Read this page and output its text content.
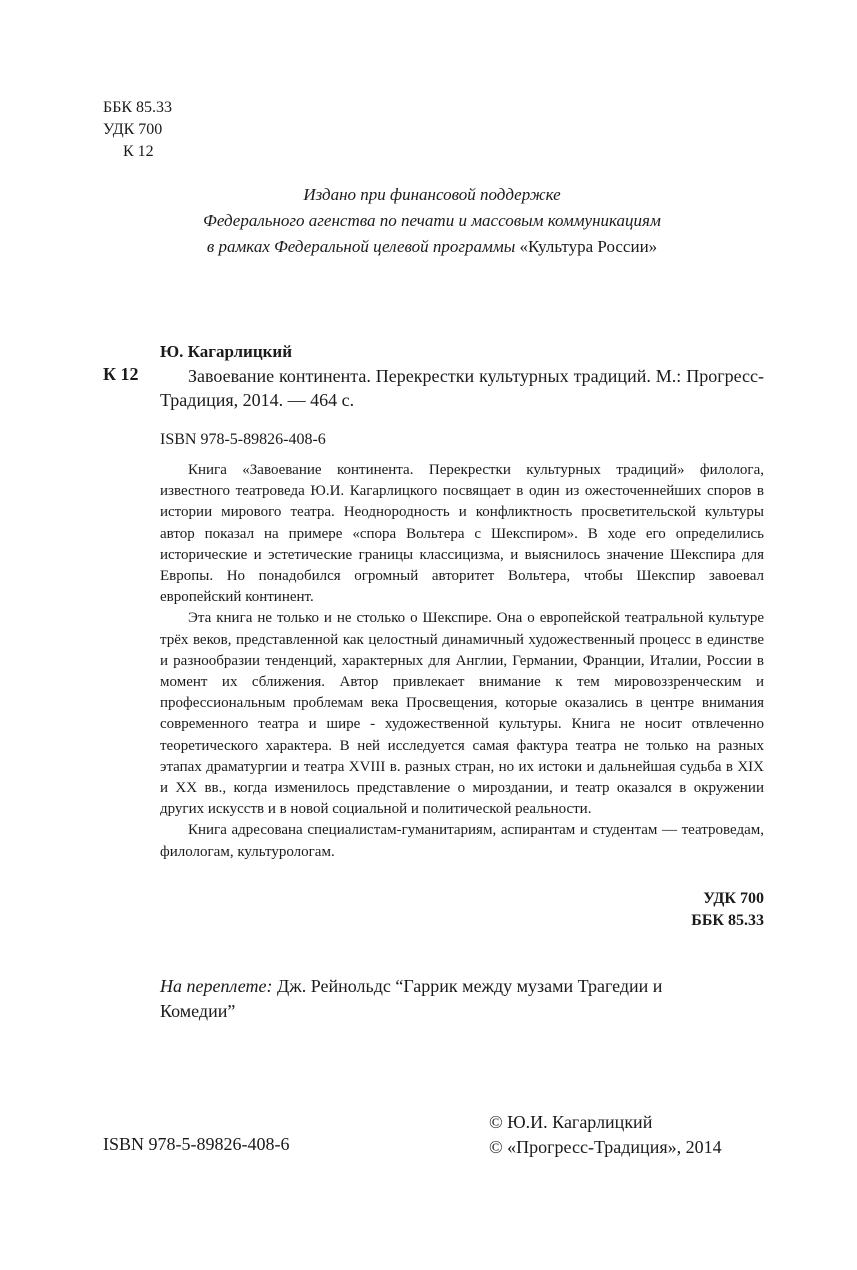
ББК 85.33
УДК 700
К 12
Издано при финансовой поддержке
Федерального агенства по печати и массовым коммуникациям
в рамках Федеральной целевой программы «Культура России»
Ю. Кагарлицкий
К 12	Завоевание континента. Перекрестки культурных традиций. М.: Прогресс-Традиция, 2014. — 464 с.

ISBN 978-5-89826-408-6

Книга «Завоевание континента. Перекрестки культурных традиций» филолога, известного театроведа Ю.И. Кагарлицкого посвящает в один из ожесточеннейших споров в истории мирового театра. Неоднородность и конфликтность просветительской культуры автор показал на примере «спора Вольтера с Шекспиром». В ходе его определились исторические и эстетические границы классицизма, и выяснилось значение Шекспира для Европы. Но понадобился огромный авторитет Вольтера, чтобы Шекспир завоевал европейский континент.

Эта книга не только и не столько о Шекспире. Она о европейской театральной культуре трёх веков, представленной как целостный динамичный художественный процесс в единстве и разнообразии тенденций, характерных для Англии, Германии, Франции, Италии, России в момент их сближения. Автор привлекает внимание к тем мировоззренческим и профессиональным проблемам века Просвещения, которые оказались в центре внимания современного театра и шире - художественной культуры. Книга не носит отвлеченно теоретического характера. В ней исследуется самая фактура театра не только на разных этапах драматургии и театра XVIII в. разных стран, но их истоки и дальнейшая судьба в XIX и XX вв., когда изменилось представление о мироздании, и театр оказался в окружении других искусств и в новой социальной и политической реальности.

Книга адресована специалистам-гуманитариям, аспирантам и студентам — театроведам, филологам, культурологам.

УДК 700
ББК 85.33
На переплете: Дж. Рейнольдс “Гаррик между музами Трагедии и Комедии”
ISBN 978-5-89826-408-6
© Ю.И. Кагарлицкий
© «Прогресс-Традиция», 2014
